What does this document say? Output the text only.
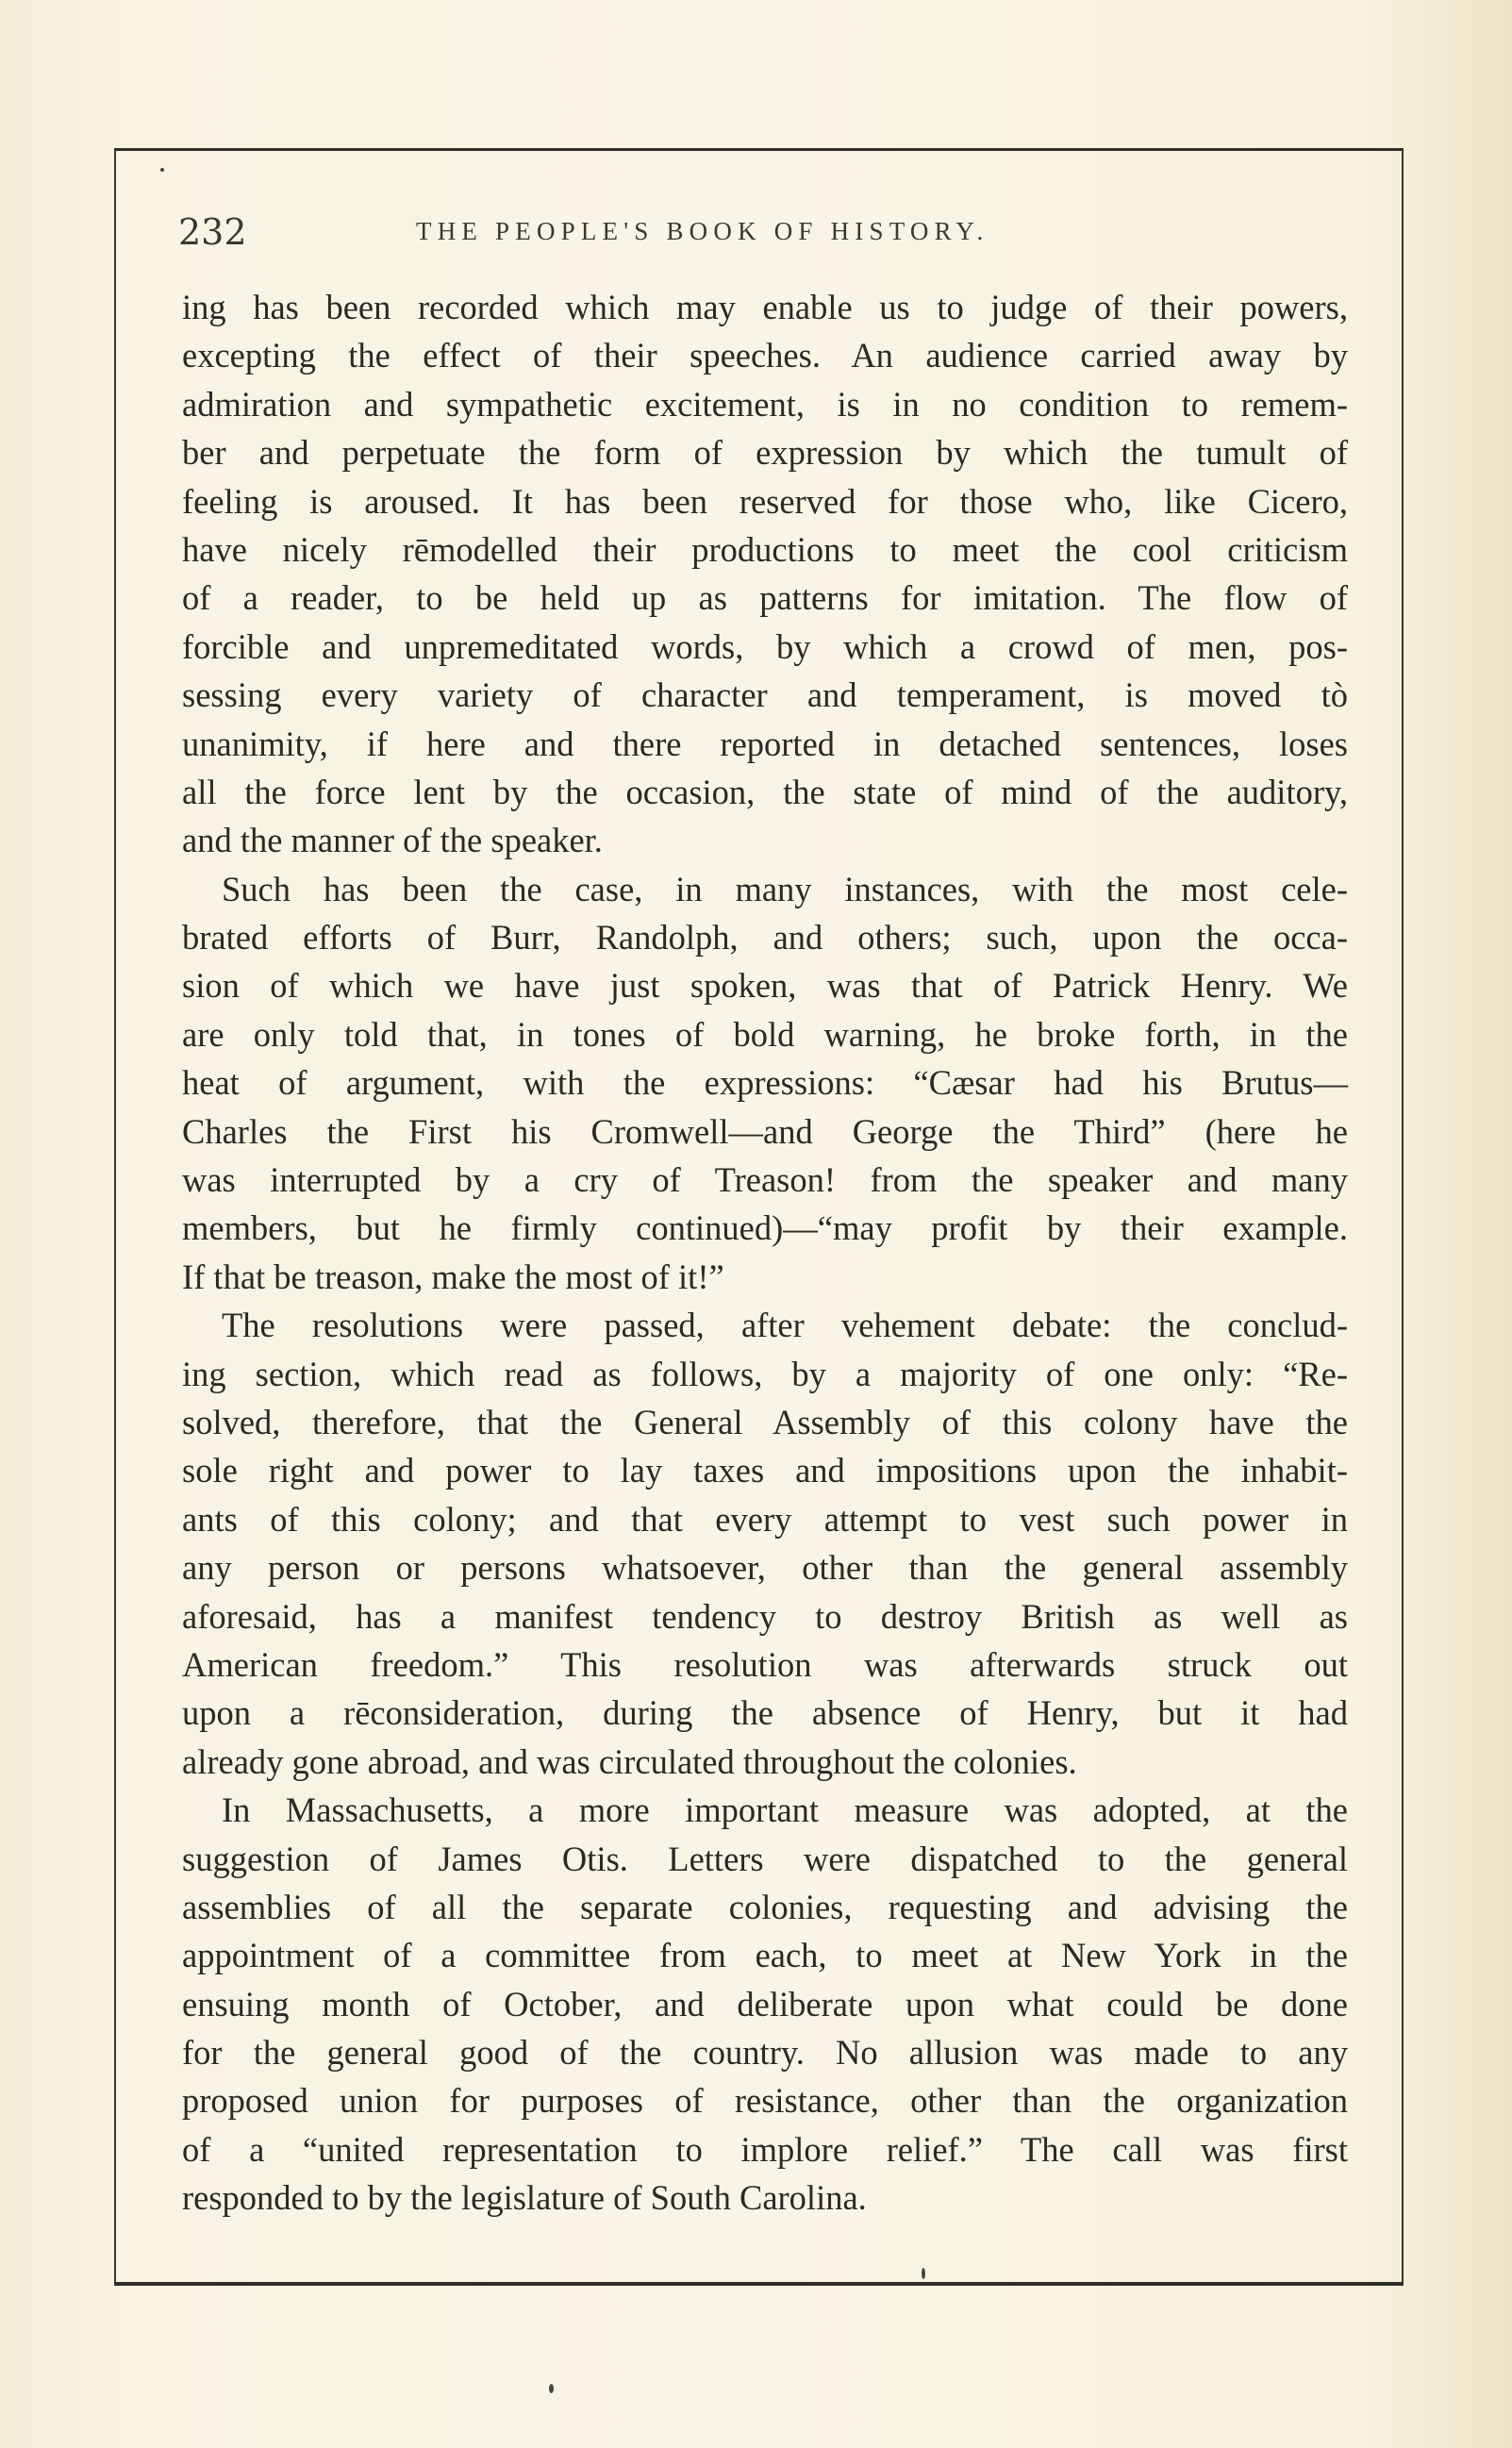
232	THE PEOPLE'S BOOK OF HISTORY.
ing has been recorded which may enable us to judge of their powers,
excepting the effect of their speeches. An audience carried away by
admiration and sympathetic excitement, is in no condition to remem-
ber and perpetuate the form of expression by which the tumult of
feeling is aroused. It has been reserved for those who, like Cicero,
have nicely rēmodelled their productions to meet the cool criticism
of a reader, to be held up as patterns for imitation. The flow of
forcible and unpremeditated words, by which a crowd of men, pos-
sessing every variety of character and temperament, is moved tò
unanimity, if here and there reported in detached sentences, loses
all the force lent by the occasion, the state of mind of the auditory,
and the manner of the speaker.
Such has been the case, in many instances, with the most cele-
brated efforts of Burr, Randolph, and others; such, upon the occa-
sion of which we have just spoken, was that of Patrick Henry. We
are only told that, in tones of bold warning, he broke forth, in the
heat of argument, with the expressions: “Cæsar had his Brutus—
Charles the First his Cromwell—and George the Third” (here he
was interrupted by a cry of Treason! from the speaker and many
members, but he firmly continued)—“may profit by their example.
If that be treason, make the most of it!”
The resolutions were passed, after vehement debate: the conclud-
ing section, which read as follows, by a majority of one only: “Re-
solved, therefore, that the General Assembly of this colony have the
sole right and power to lay taxes and impositions upon the inhabit-
ants of this colony; and that every attempt to vest such power in
any person or persons whatsoever, other than the general assembly
aforesaid, has a manifest tendency to destroy British as well as
American freedom.” This resolution was afterwards struck out
upon a rēconsideration, during the absence of Henry, but it had
already gone abroad, and was circulated throughout the colonies.
In Massachusetts, a more important measure was adopted, at the
suggestion of James Otis. Letters were dispatched to the general
assemblies of all the separate colonies, requesting and advising the
appointment of a committee from each, to meet at New York in the
ensuing month of October, and deliberate upon what could be done
for the general good of the country. No allusion was made to any
proposed union for purposes of resistance, other than the organization
of a “united representation to implore relief.” The call was first
responded to by the legislature of South Carolina.
